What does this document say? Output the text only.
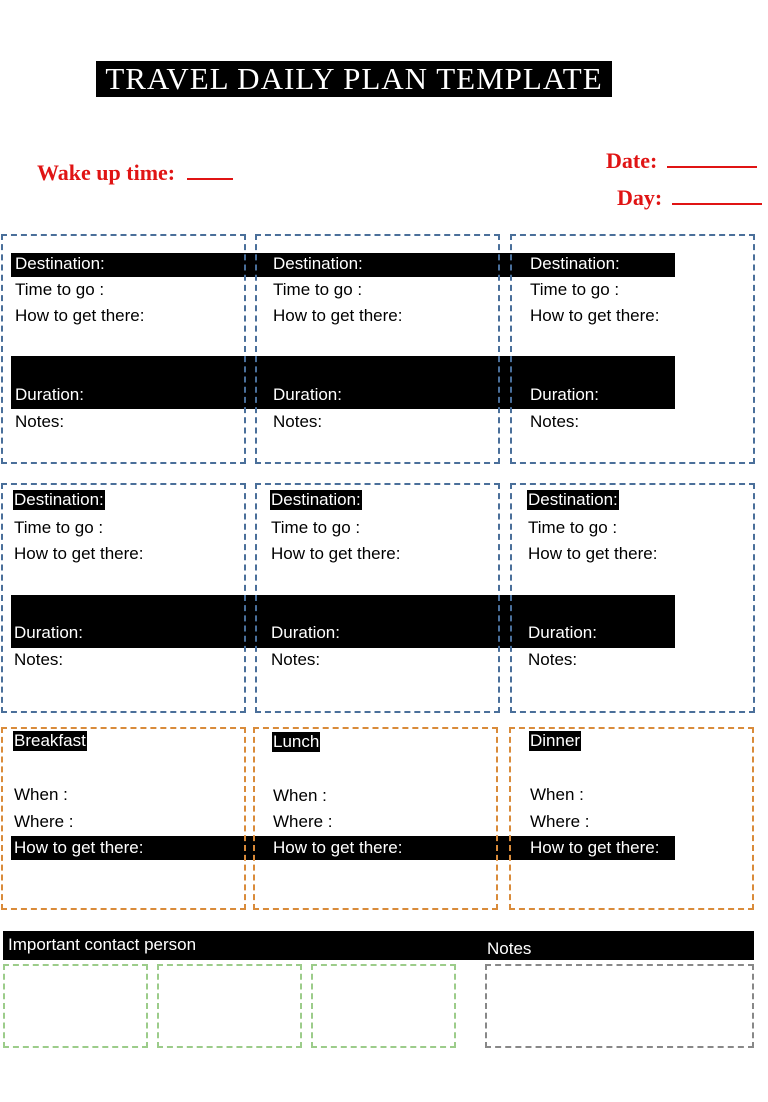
TRAVEL DAILY PLAN TEMPLATE
Wake up time:	Date:
Day:
Destination:
Time to go :
How to get there:
Duration:
Notes:
Destination:
Time to go :
How to get there:
Duration:
Notes:
Destination:
Time to go :
How to get there:
Duration:
Notes:
Destination:
Time to go :
How to get there:
Duration:
Notes:
Destination:
Time to go :
How to get there:
Duration:
Notes:
Destination:
Time to go :
How to get there:
Duration:
Notes:
Breakfast
When :
Where :
How to get there:
Lunch
When :
Where :
How to get there:
Dinner
When :
Where :
How to get there:
Important contact person	Notes
